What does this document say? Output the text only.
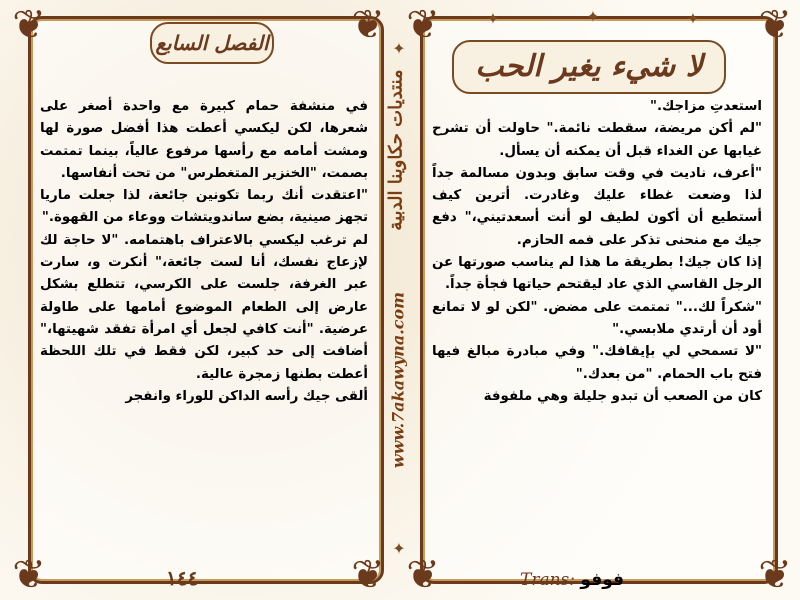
❦
❦
❦
❦
الفصل السابع

في منشفة حمام كبيرة مع واحدة أصغر على شعرها، لكن ليكسي أعطت هذا أفضل صورة لها ومشت أمامه مع رأسها مرفوع عالياً، بينما تمتمت بصمت، "الخنزير المتغطرس" من تحت أنفاسها.

"اعتقدت أنك ربما تكونين جائعة، لذا جعلت ماريا تجهز صينية، بضع ساندويتشات ووعاء من القهوة."

لم ترغب ليكسي بالاعتراف باهتمامه. "لا حاجة لك لإزعاج نفسك، أنا لست جائعة،" أنكرت و، سارت عبر الغرفة، جلست على الكرسي، تتطلع بشكل عارض إلى الطعام الموضوع أمامها على طاولة عرضية. "أنت كافي لجعل أي امرأة تفقد شهيتها،" أضافت إلى حد كبير، لكن فقط في تلك اللحظة أعطت بطنها زمجرة عالية.

ألقى جيك رأسه الداكن للوراء وانفجر

١٤٤
منتديات حكاوينا الدبية
www.7akawyna.com
✦
✦
❦
❦
❦
❦
✦	✦	✦
لا شيء يغير الحب

استعدتِ مزاجك."

"لم أكن مريضة، سقطت نائمة." حاولت أن تشرح غيابها عن الغداء قبل أن يمكنه أن يسأل.

"أعرف، ناديت في وقت سابق وبدون مسالمة جداً لذا وضعت غطاء عليك وغادرت. أترين كيف أستطيع أن أكون لطيف لو أنت أسعدتيني،" دفع جيك مع منحنى تذكر على فمه الحازم.

إذا كان جيك! بطريقة ما هذا لم يناسب صورتها عن الرجل القاسي الذي عاد ليقتحم حياتها فجأة جداً.

"شكراً لك..." تمتمت على مضض. "لكن لو لا تمانع أود أن أرتدي ملابسي."

"لا تسمحي لي بإيقافك." وفي مبادرة مبالغ فيها فتح باب الحمام. "من بعدك."

كان من الصعب أن تبدو جليلة وهي ملفوفة

Trans: فوفو
